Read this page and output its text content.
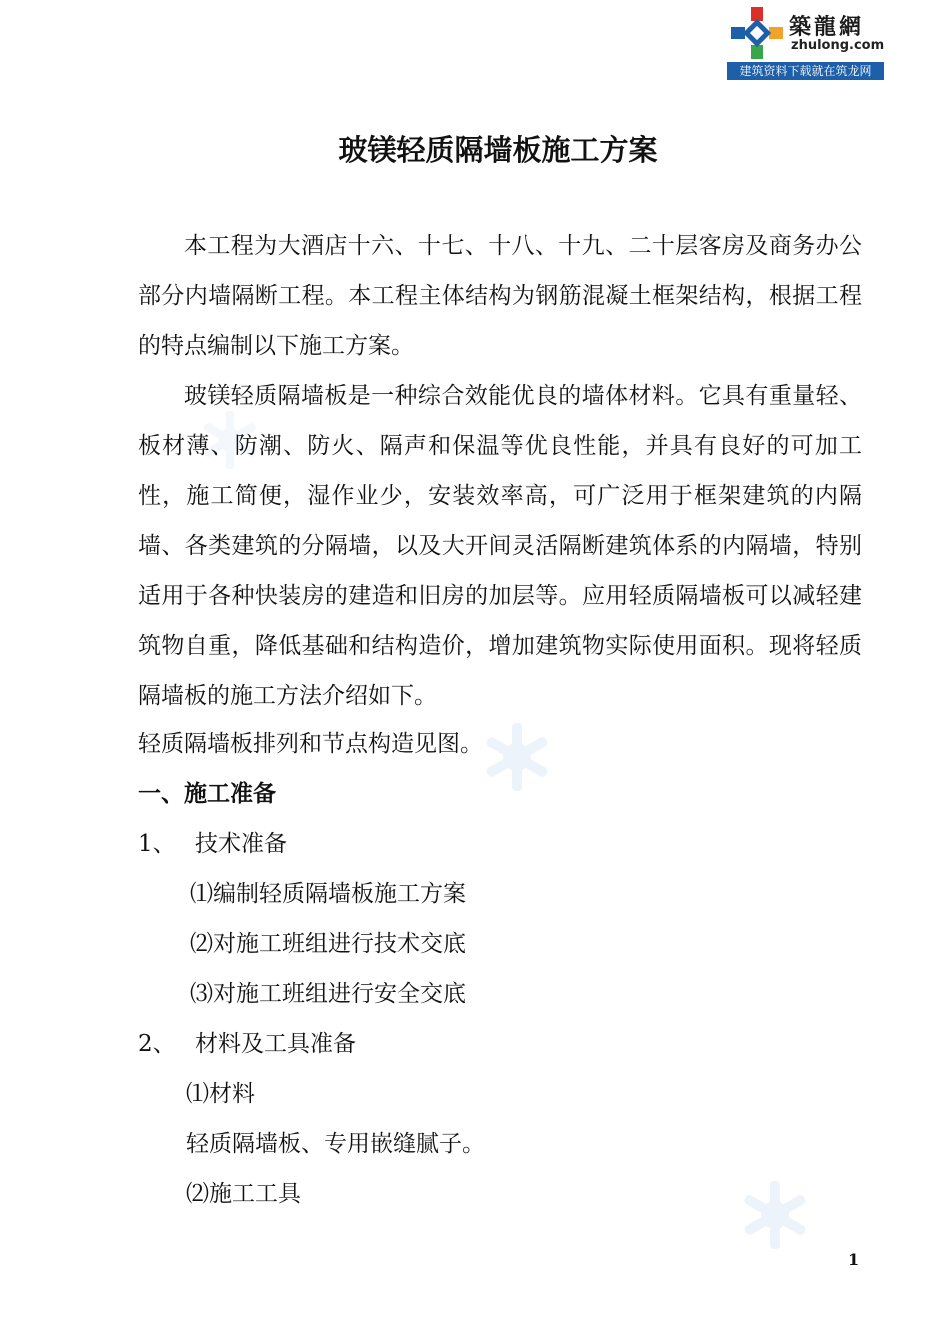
築龍網
zhulong.com
建筑资料下载就在筑龙网
玻镁轻质隔墙板施工方案

本工程为大酒店十六、十七、十八、十九、二十层客房及商务办公部分内墙隔断工程。本工程主体结构为钢筋混凝土框架结构，根据工程的特点编制以下施工方案。

玻镁轻质隔墙板是一种综合效能优良的墙体材料。它具有重量轻、板材薄、防潮、防火、隔声和保温等优良性能，并具有良好的可加工性，施工简便，湿作业少，安装效率高，可广泛用于框架建筑的内隔墙、各类建筑的分隔墙，以及大开间灵活隔断建筑体系的内隔墙，特别适用于各种快装房的建造和旧房的加层等。应用轻质隔墙板可以减轻建筑物自重，降低基础和结构造价，增加建筑物实际使用面积。现将轻质隔墙板的施工方法介绍如下。

轻质隔墙板排列和节点构造见图。
一、施工准备
1、 技术准备
⑴编制轻质隔墙板施工方案
⑵对施工班组进行技术交底
⑶对施工班组进行安全交底
2、 材料及工具准备
⑴材料
轻质隔墙板、专用嵌缝腻子。
⑵施工工具
1
